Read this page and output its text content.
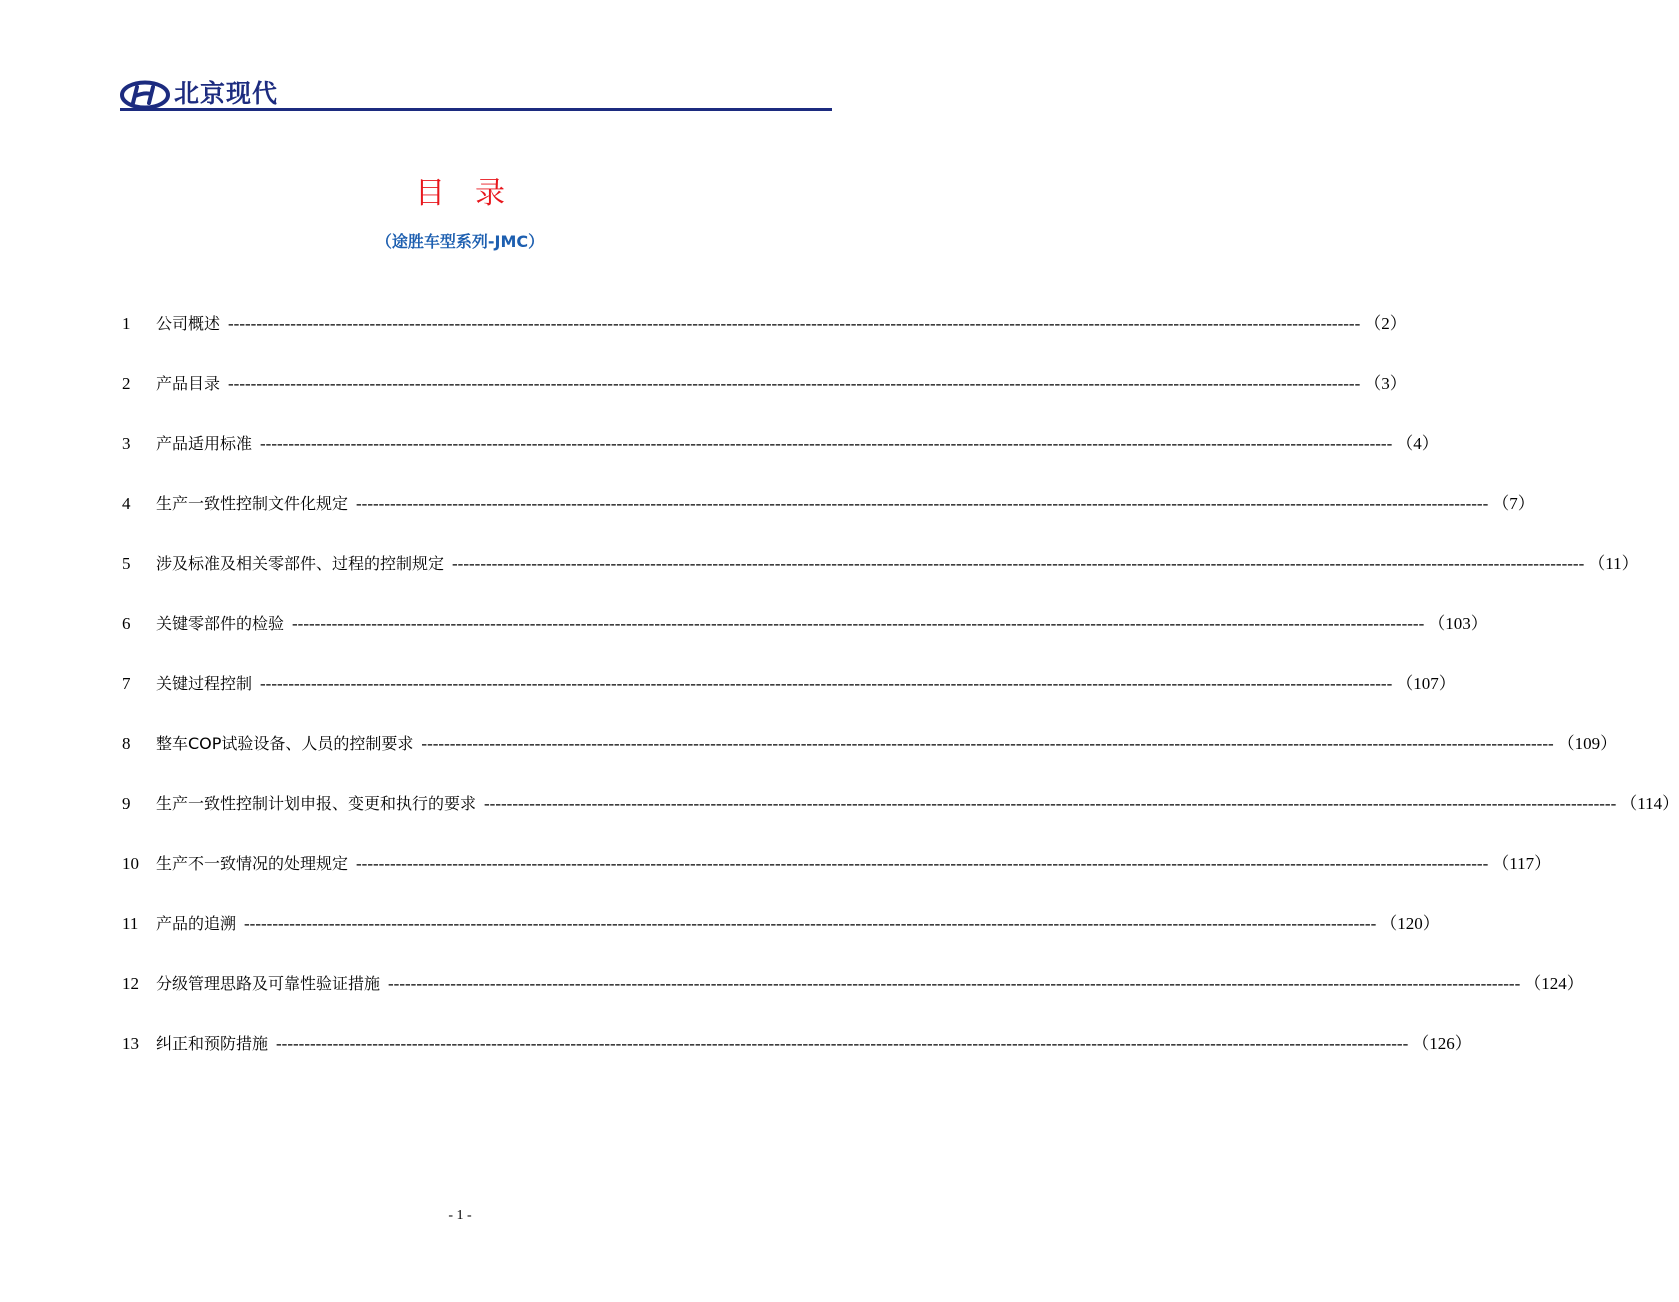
北京现代
目　录
（途胜车型系列-JMC）
1	公司概述 -------------------------------------------------------------------------------------------------------------------------------------------------------------------------------------------------------- （2）
2	产品目录 -------------------------------------------------------------------------------------------------------------------------------------------------------------------------------------------------------- （3）
3	产品适用标准 -------------------------------------------------------------------------------------------------------------------------------------------------------------------------------------------------------- （4）
4	生产一致性控制文件化规定 -------------------------------------------------------------------------------------------------------------------------------------------------------------------------------------------------------- （7）
5	涉及标准及相关零部件、过程的控制规定 -------------------------------------------------------------------------------------------------------------------------------------------------------------------------------------------------------- （11）
6	关键零部件的检验 -------------------------------------------------------------------------------------------------------------------------------------------------------------------------------------------------------- （103）
7	关键过程控制 -------------------------------------------------------------------------------------------------------------------------------------------------------------------------------------------------------- （107）
8	整车COP试验设备、人员的控制要求 -------------------------------------------------------------------------------------------------------------------------------------------------------------------------------------------------------- （109）
9	生产一致性控制计划申报、变更和执行的要求 -------------------------------------------------------------------------------------------------------------------------------------------------------------------------------------------------------- （114）
10	生产不一致情况的处理规定 -------------------------------------------------------------------------------------------------------------------------------------------------------------------------------------------------------- （117）
11	产品的追溯 -------------------------------------------------------------------------------------------------------------------------------------------------------------------------------------------------------- （120）
12	分级管理思路及可靠性验证措施 -------------------------------------------------------------------------------------------------------------------------------------------------------------------------------------------------------- （124）
13	纠正和预防措施 -------------------------------------------------------------------------------------------------------------------------------------------------------------------------------------------------------- （126）
- 1 -
